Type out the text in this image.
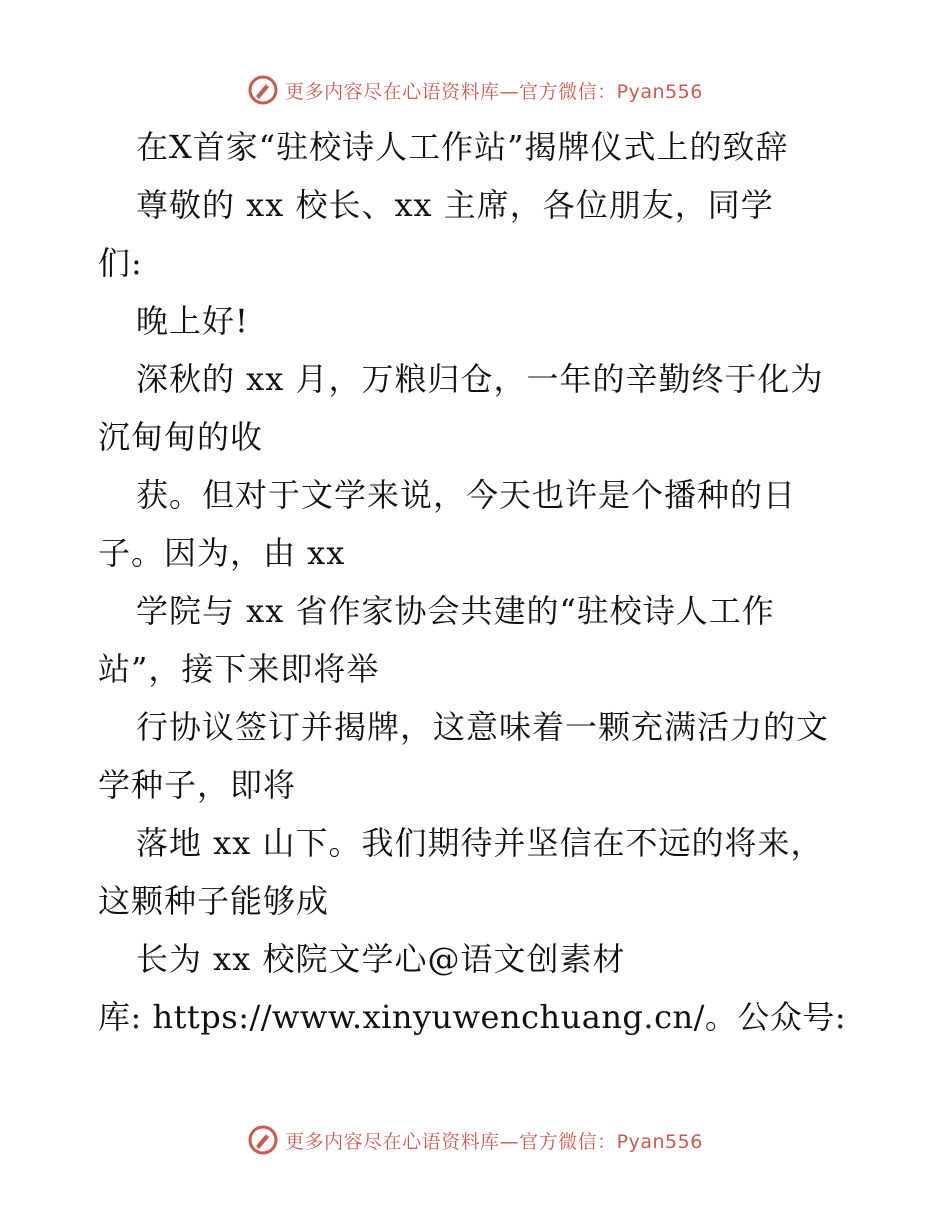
更多内容尽在心语资料库—官方微信：Pyan556
在X首家“驻校诗人工作站”揭牌仪式上的致辞
尊敬的 xx 校长、xx 主席，各位朋友，同学
们:
晚上好!
深秋的 xx 月，万粮归仓，一年的辛勤终于化为
沉甸甸的收
获。但对于文学来说，今天也许是个播种的日
子。因为，由 xx
学院与 xx 省作家协会共建的“驻校诗人工作
站”，接下来即将举
行协议签订并揭牌，这意味着一颗充满活力的文
学种子，即将
落地 xx 山下。我们期待并坚信在不远的将来，
这颗种子能够成
长为 xx 校院文学心@语文创素材
库: https://www.xinyuwenchuang.cn/。公众号:
更多内容尽在心语资料库—官方微信：Pyan556
